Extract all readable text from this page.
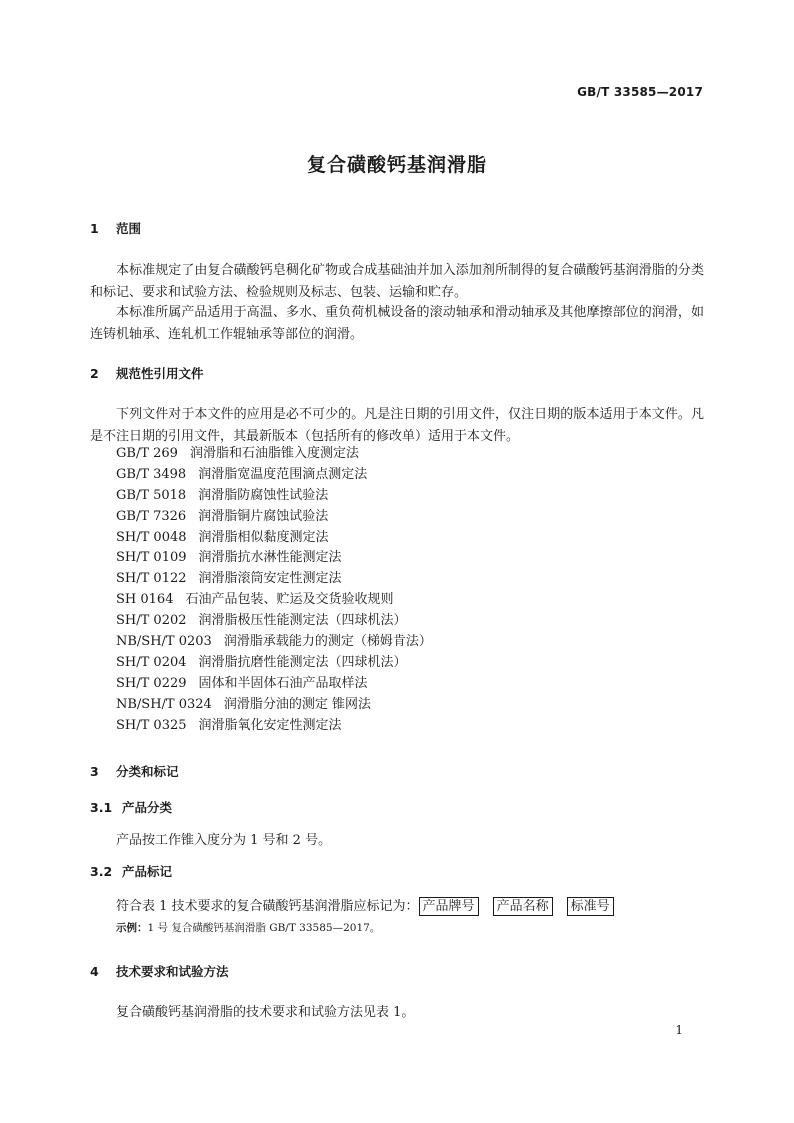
GB/T 33585—2017
复合磺酸钙基润滑脂
1 范围
本标准规定了由复合磺酸钙皂稠化矿物或合成基础油并加入添加剂所制得的复合磺酸钙基润滑脂的分类和标记、要求和试验方法、检验规则及标志、包装、运输和贮存。
本标准所属产品适用于高温、多水、重负荷机械设备的滚动轴承和滑动轴承及其他摩擦部位的润滑，如连铸机轴承、连轧机工作辊轴承等部位的润滑。
2 规范性引用文件
下列文件对于本文件的应用是必不可少的。凡是注日期的引用文件，仅注日期的版本适用于本文件。凡是不注日期的引用文件，其最新版本（包括所有的修改单）适用于本文件。
GB/T 269 润滑脂和石油脂锥入度测定法
GB/T 3498 润滑脂宽温度范围滴点测定法
GB/T 5018 润滑脂防腐蚀性试验法
GB/T 7326 润滑脂铜片腐蚀试验法
SH/T 0048 润滑脂相似黏度测定法
SH/T 0109 润滑脂抗水淋性能测定法
SH/T 0122 润滑脂滚筒安定性测定法
SH 0164 石油产品包装、贮运及交货验收规则
SH/T 0202 润滑脂极压性能测定法（四球机法）
NB/SH/T 0203 润滑脂承载能力的测定（梯姆肯法）
SH/T 0204 润滑脂抗磨性能测定法（四球机法）
SH/T 0229 固体和半固体石油产品取样法
NB/SH/T 0324 润滑脂分油的测定 锥网法
SH/T 0325 润滑脂氧化安定性测定法
3 分类和标记
3.1 产品分类
产品按工作锥入度分为 1 号和 2 号。
3.2 产品标记
符合表 1 技术要求的复合磺酸钙基润滑脂应标记为： 产品牌号 产品名称 标准号
示例：1 号 复合磺酸钙基润滑脂 GB/T 33585—2017。
4 技术要求和试验方法
复合磺酸钙基润滑脂的技术要求和试验方法见表 1。
1
